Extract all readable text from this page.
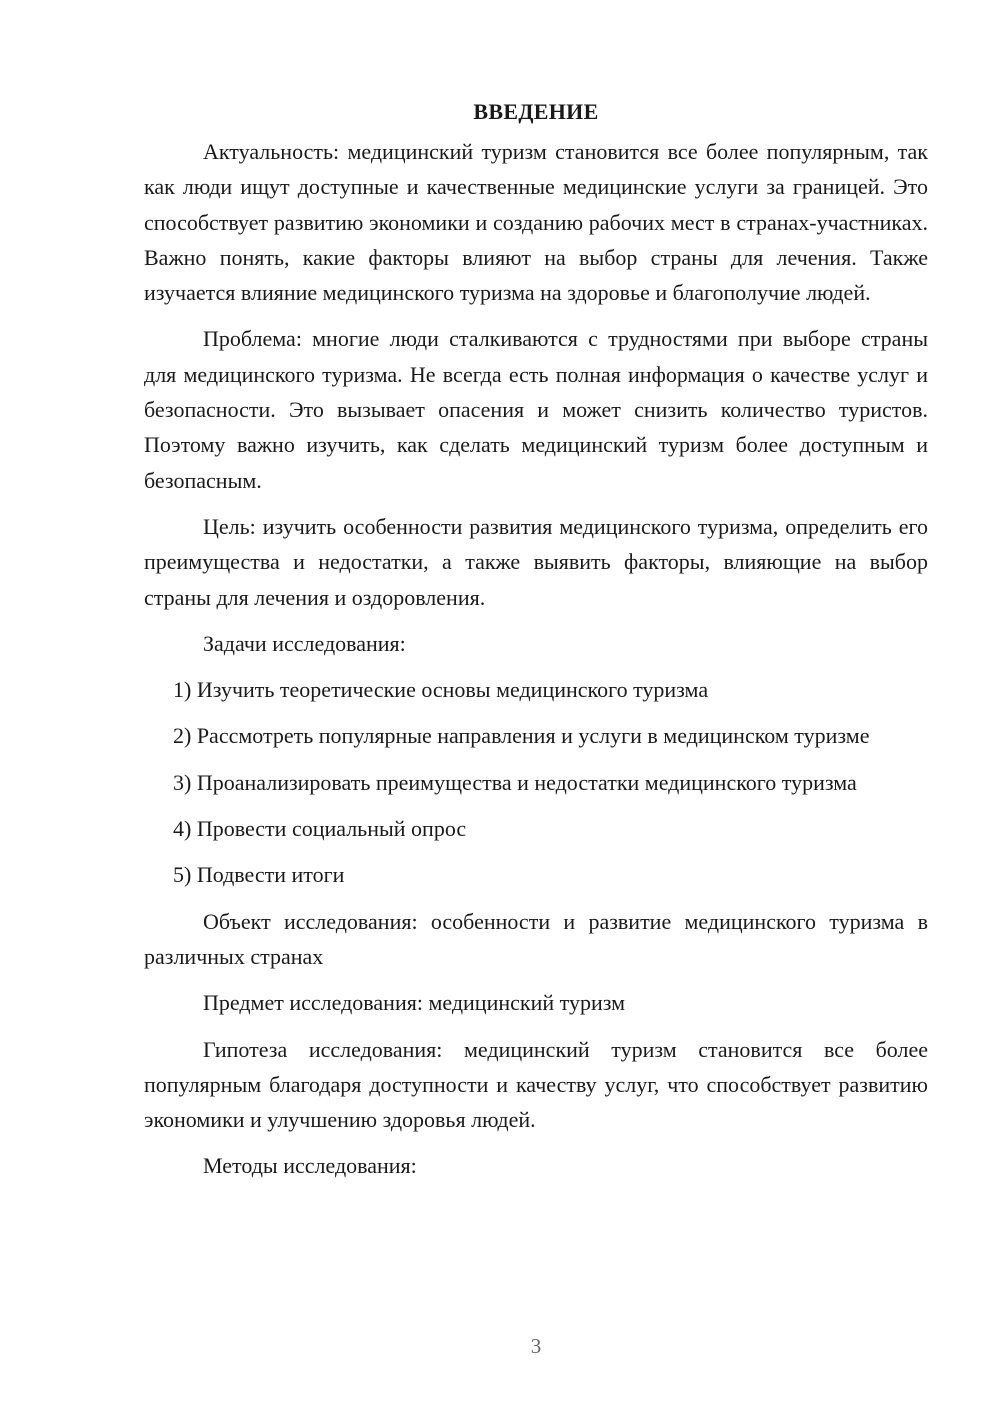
ВВЕДЕНИЕ

Актуальность: медицинский туризм становится все более популярным, так как люди ищут доступные и качественные медицинские услуги за границей. Это способствует развитию экономики и созданию рабочих мест в странах-участниках. Важно понять, какие факторы влияют на выбор страны для лечения. Также изучается влияние медицинского туризма на здоровье и благополучие людей.

Проблема: многие люди сталкиваются с трудностями при выборе страны для медицинского туризма. Не всегда есть полная информация о качестве услуг и безопасности. Это вызывает опасения и может снизить количество туристов. Поэтому важно изучить, как сделать медицинский туризм более доступным и безопасным.

Цель: изучить особенности развития медицинского туризма, определить его преимущества и недостатки, а также выявить факторы, влияющие на выбор страны для лечения и оздоровления.

Задачи исследования:

1) Изучить теоретические основы медицинского туризма

2) Рассмотреть популярные направления и услуги в медицинском туризме

3) Проанализировать преимущества и недостатки медицинского туризма

4) Провести социальный опрос

5) Подвести итоги

Объект исследования: особенности и развитие медицинского туризма в различных странах

Предмет исследования: медицинский туризм

Гипотеза исследования: медицинский туризм становится все более популярным благодаря доступности и качеству услуг, что способствует развитию экономики и улучшению здоровья людей.

Методы исследования:

3
